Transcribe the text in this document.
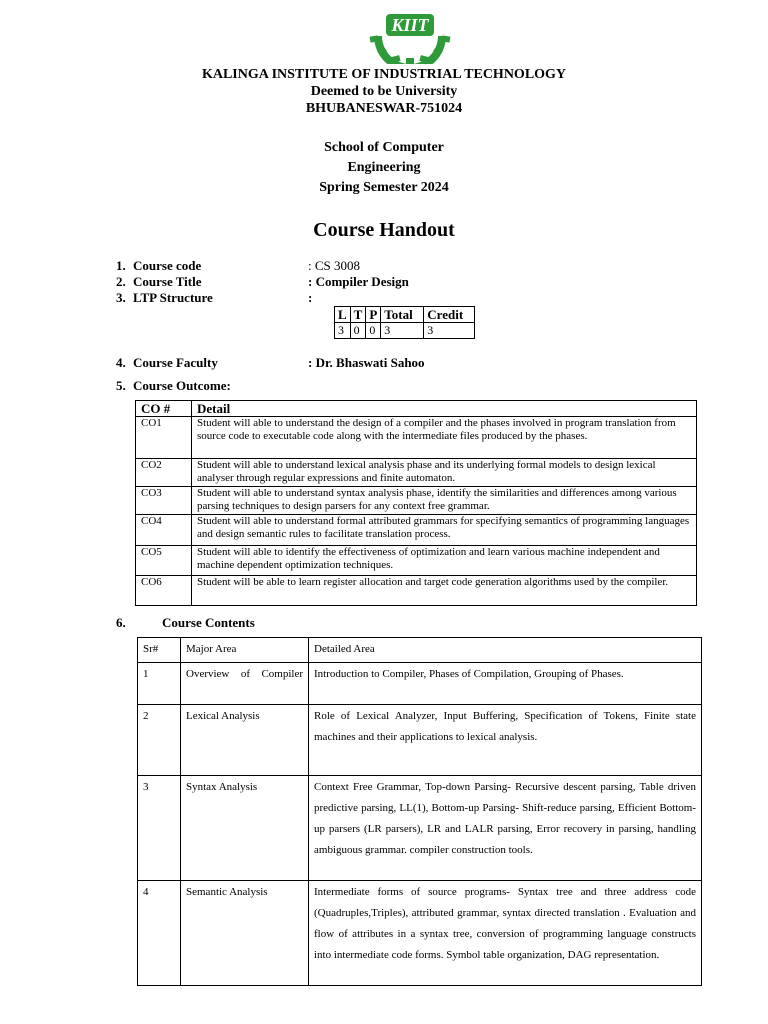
KIIT
KALINGA INSTITUTE OF INDUSTRIAL TECHNOLOGY
Deemed to be University
BHUBANESWAR-751024
School of Computer
Engineering
Spring Semester 2024
Course Handout
1. Course code	: CS 3008
2. Course Title	: Compiler Design
3. LTP Structure	:
L	T	P	Total	Credit
3	0	0	3	3
4. Course Faculty	: Dr. Bhaswati Sahoo
5. Course Outcome:
CO #	Detail
CO1	Student will able to understand the design of a compiler and the phases involved in program translation from source code to executable code along with the intermediate files produced by the phases.
CO2	Student will able to understand lexical analysis phase and its underlying formal models to design lexical analyser through regular expressions and finite automaton.
CO3	Student will able to understand syntax analysis phase, identify the similarities and differences among various parsing techniques to design parsers for any context free grammar.
CO4	Student will able to understand formal attributed grammars for specifying semantics of programming languages and design semantic rules to facilitate translation process.
CO5	Student will able to identify the effectiveness of optimization and learn various machine independent and machine dependent optimization techniques.
CO6	Student will be able to learn register allocation and target code generation algorithms used by the compiler.
6.	Course Contents
Sr#	Major Area	Detailed Area
1	Overview of Compiler	Introduction to Compiler, Phases of Compilation, Grouping of Phases.
2	Lexical Analysis	Role of Lexical Analyzer, Input Buffering, Specification of Tokens, Finite state machines and their applications to lexical analysis.
3	Syntax Analysis	Context Free Grammar, Top-down Parsing- Recursive descent parsing, Table driven predictive parsing, LL(1), Bottom-up Parsing- Shift-reduce parsing, Efficient Bottom-up parsers (LR parsers), LR and LALR parsing, Error recovery in parsing, handling ambiguous grammar. compiler construction tools.
4	Semantic Analysis	Intermediate forms of source programs- Syntax tree and three address code (Quadruples,Triples), attributed grammar, syntax directed translation . Evaluation and flow of attributes in a syntax tree, conversion of programming language constructs into intermediate code forms. Symbol table organization, DAG representation.
